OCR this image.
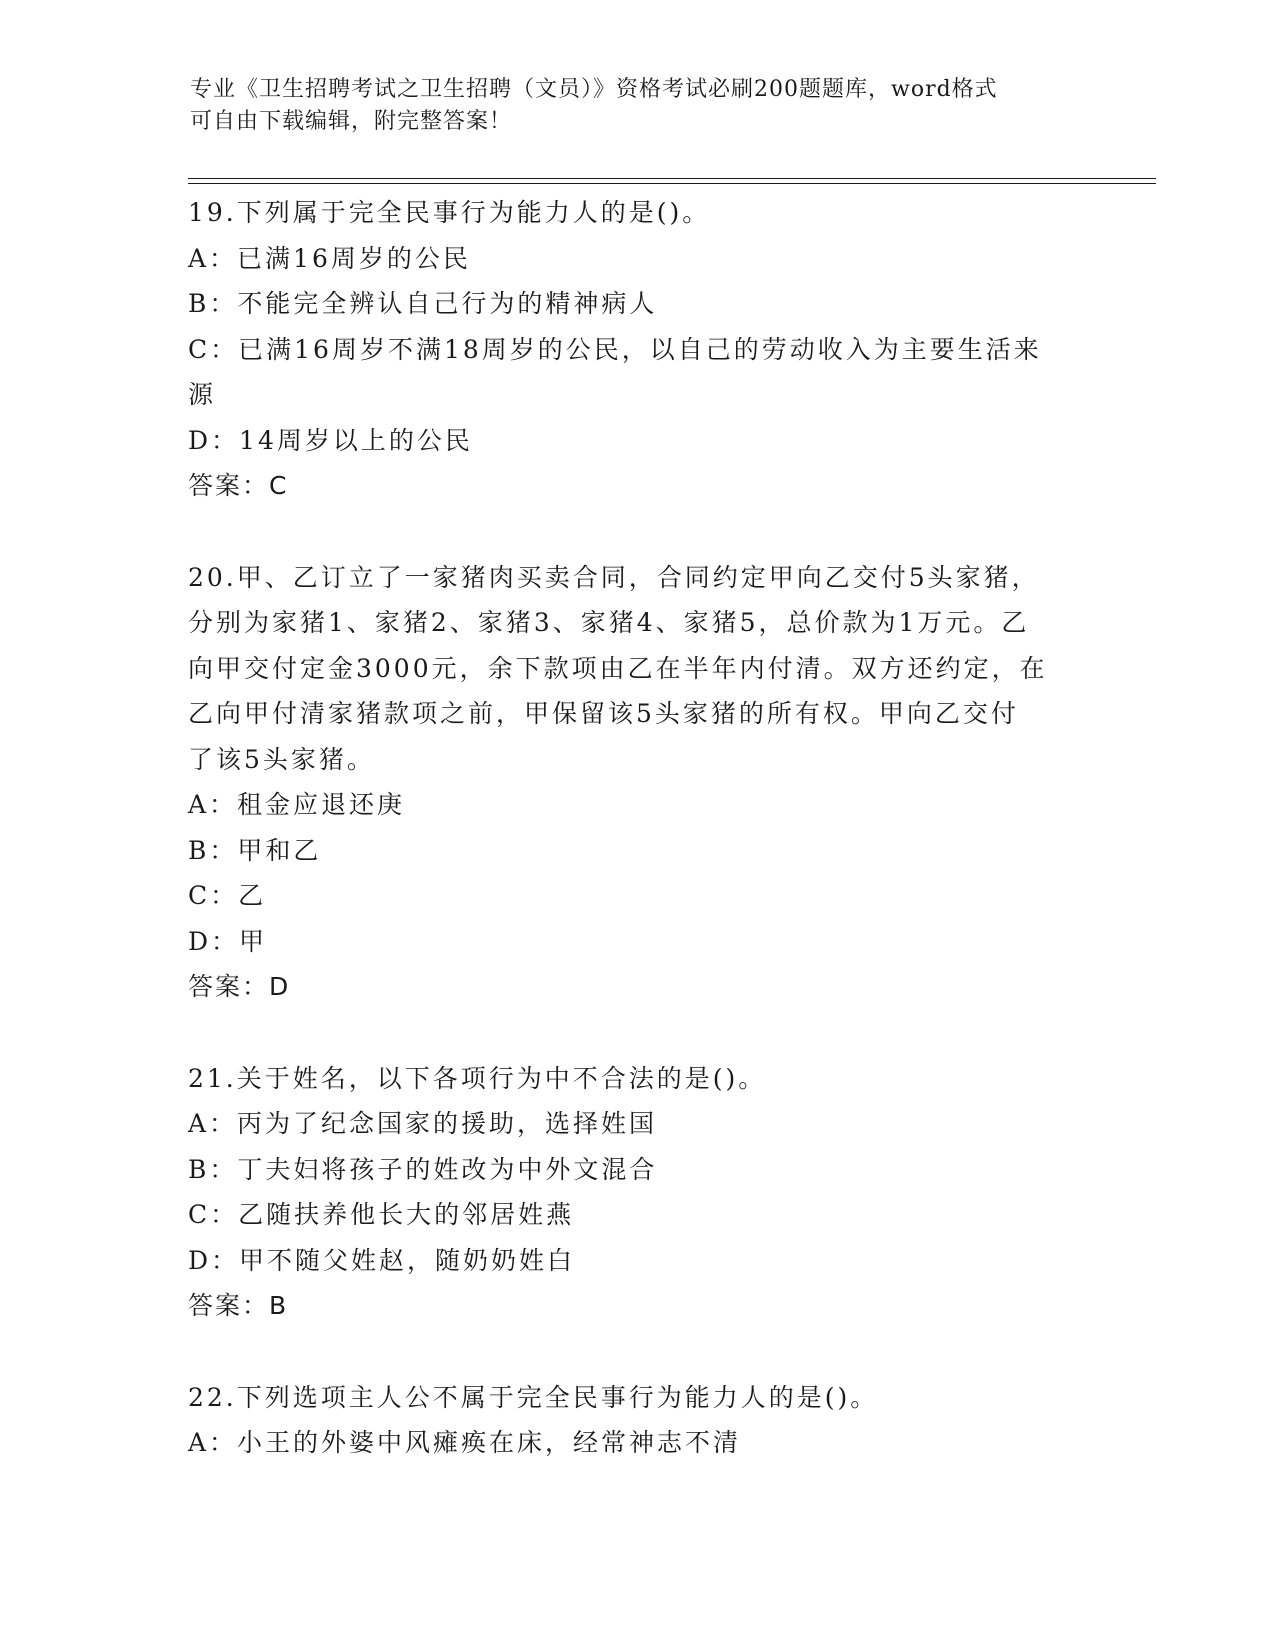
专业《卫生招聘考试之卫生招聘（文员）》资格考试必刷200题题库，word格式
可自由下载编辑，附完整答案！
19.下列属于完全民事行为能力人的是()。
A：已满16周岁的公民
B：不能完全辨认自己行为的精神病人
C：已满16周岁不满18周岁的公民，以自己的劳动收入为主要生活来
源
D：14周岁以上的公民
答案：C
20.甲、乙订立了一家猪肉买卖合同，合同约定甲向乙交付5头家猪，
分别为家猪1、家猪2、家猪3、家猪4、家猪5，总价款为1万元。乙
向甲交付定金3000元，余下款项由乙在半年内付清。双方还约定，在
乙向甲付清家猪款项之前，甲保留该5头家猪的所有权。甲向乙交付
了该5头家猪。
A：租金应退还庚
B：甲和乙
C：乙
D：甲
答案：D
21.关于姓名，以下各项行为中不合法的是()。
A：丙为了纪念国家的援助，选择姓国
B：丁夫妇将孩子的姓改为中外文混合
C：乙随扶养他长大的邻居姓燕
D：甲不随父姓赵，随奶奶姓白
答案：B
22.下列选项主人公不属于完全民事行为能力人的是()。
A：小王的外婆中风瘫痪在床，经常神志不清
